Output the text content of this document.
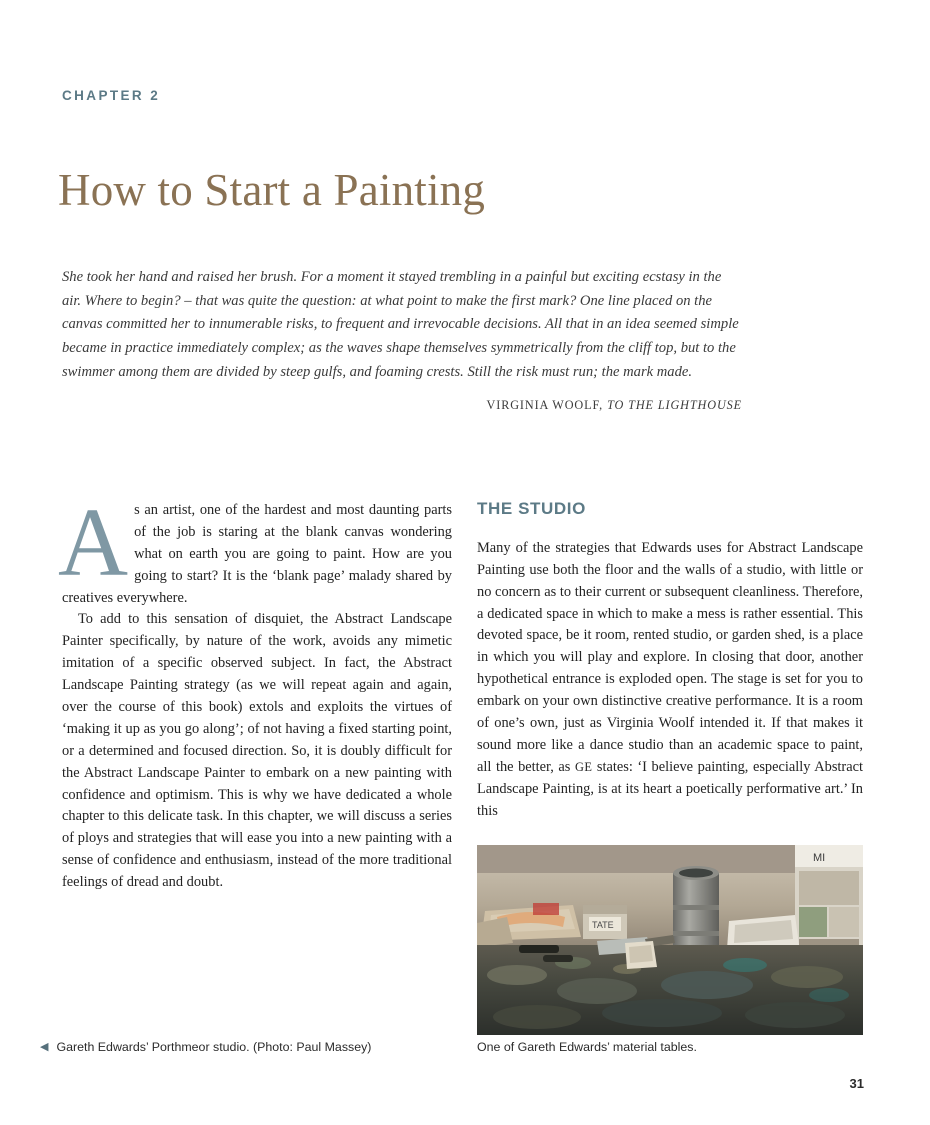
CHAPTER 2
How to Start a Painting
She took her hand and raised her brush. For a moment it stayed trembling in a painful but exciting ecstasy in the air. Where to begin? – that was quite the question: at what point to make the first mark? One line placed on the canvas committed her to innumerable risks, to frequent and irrevocable decisions. All that in an idea seemed simple became in practice immediately complex; as the waves shape themselves symmetrically from the cliff top, but to the swimmer among them are divided by steep gulfs, and foaming crests. Still the risk must run; the mark made.
VIRGINIA WOOLF, TO THE LIGHTHOUSE
A s an artist, one of the hardest and most daunting parts of the job is staring at the blank canvas wondering what on earth you are going to paint. How are you going to start? It is the ‘blank page’ malady shared by creatives everywhere.

To add to this sensation of disquiet, the Abstract Landscape Painter specifically, by nature of the work, avoids any mimetic imitation of a specific observed subject. In fact, the Abstract Landscape Painting strategy (as we will repeat again and again, over the course of this book) extols and exploits the virtues of ‘making it up as you go along’; of not having a fixed starting point, or a determined and focused direction. So, it is doubly difficult for the Abstract Landscape Painter to embark on a new painting with confidence and optimism. This is why we have dedicated a whole chapter to this delicate task. In this chapter, we will discuss a series of ploys and strategies that will ease you into a new painting with a sense of confidence and enthusiasm, instead of the more traditional feelings of dread and doubt.

THE STUDIO

Many of the strategies that Edwards uses for Abstract Landscape Painting use both the floor and the walls of a studio, with little or no concern as to their current or subsequent cleanliness. Therefore, a dedicated space in which to make a mess is rather essential. This devoted space, be it room, rented studio, or garden shed, is a place in which you will play and explore. In closing that door, another hypothetical entrance is exploded open. The stage is set for you to embark on your own distinctive creative performance. It is a room of one’s own, just as Virginia Woolf intended it. If that makes it sound more like a dance studio than an academic space to paint, all the better, as GE states: ‘I believe painting, especially Abstract Landscape Painting, is at its heart a poetically performative art.’ In this

MI
TATE
◀ Gareth Edwards’ Porthmeor studio. (Photo: Paul Massey)	One of Gareth Edwards’ material tables.
31
